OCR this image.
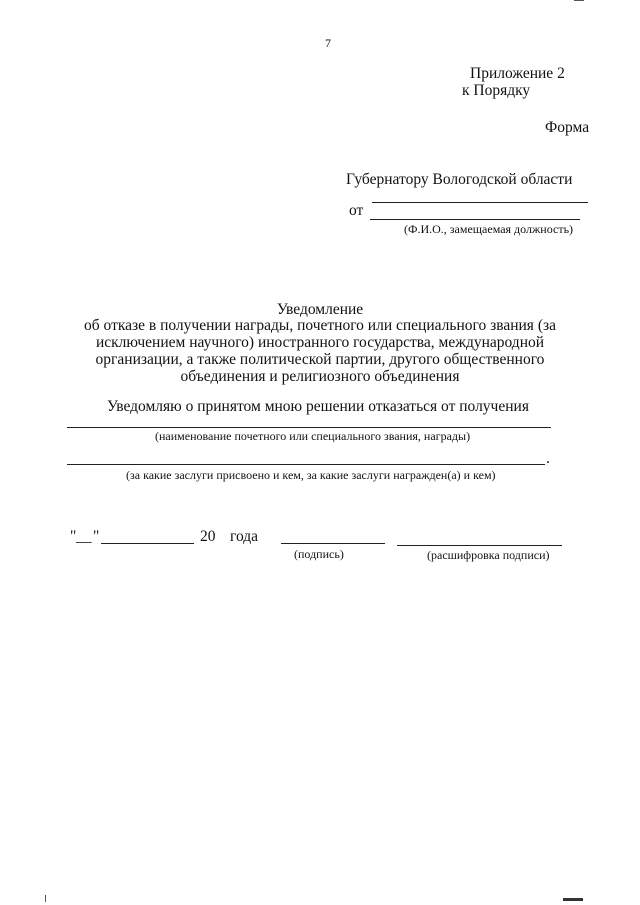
7
Приложение 2
к Порядку
Форма
Губернатору Вологодской области
от
(Ф.И.О., замещаемая должность)
Уведомление
об отказе в получении награды, почетного или специального звания (за
исключением научного) иностранного государства, международной
организации, а также политической партии, другого общественного
объединения и религиозного объединения
Уведомляю о принятом мною решении отказаться от получения
(наименование почетного или специального звания, награды)
.
(за какие заслуги присвоено и кем, за какие заслуги награжден(а) и кем)
" __ "	20 года
(подпись)	(расшифровка подписи)
